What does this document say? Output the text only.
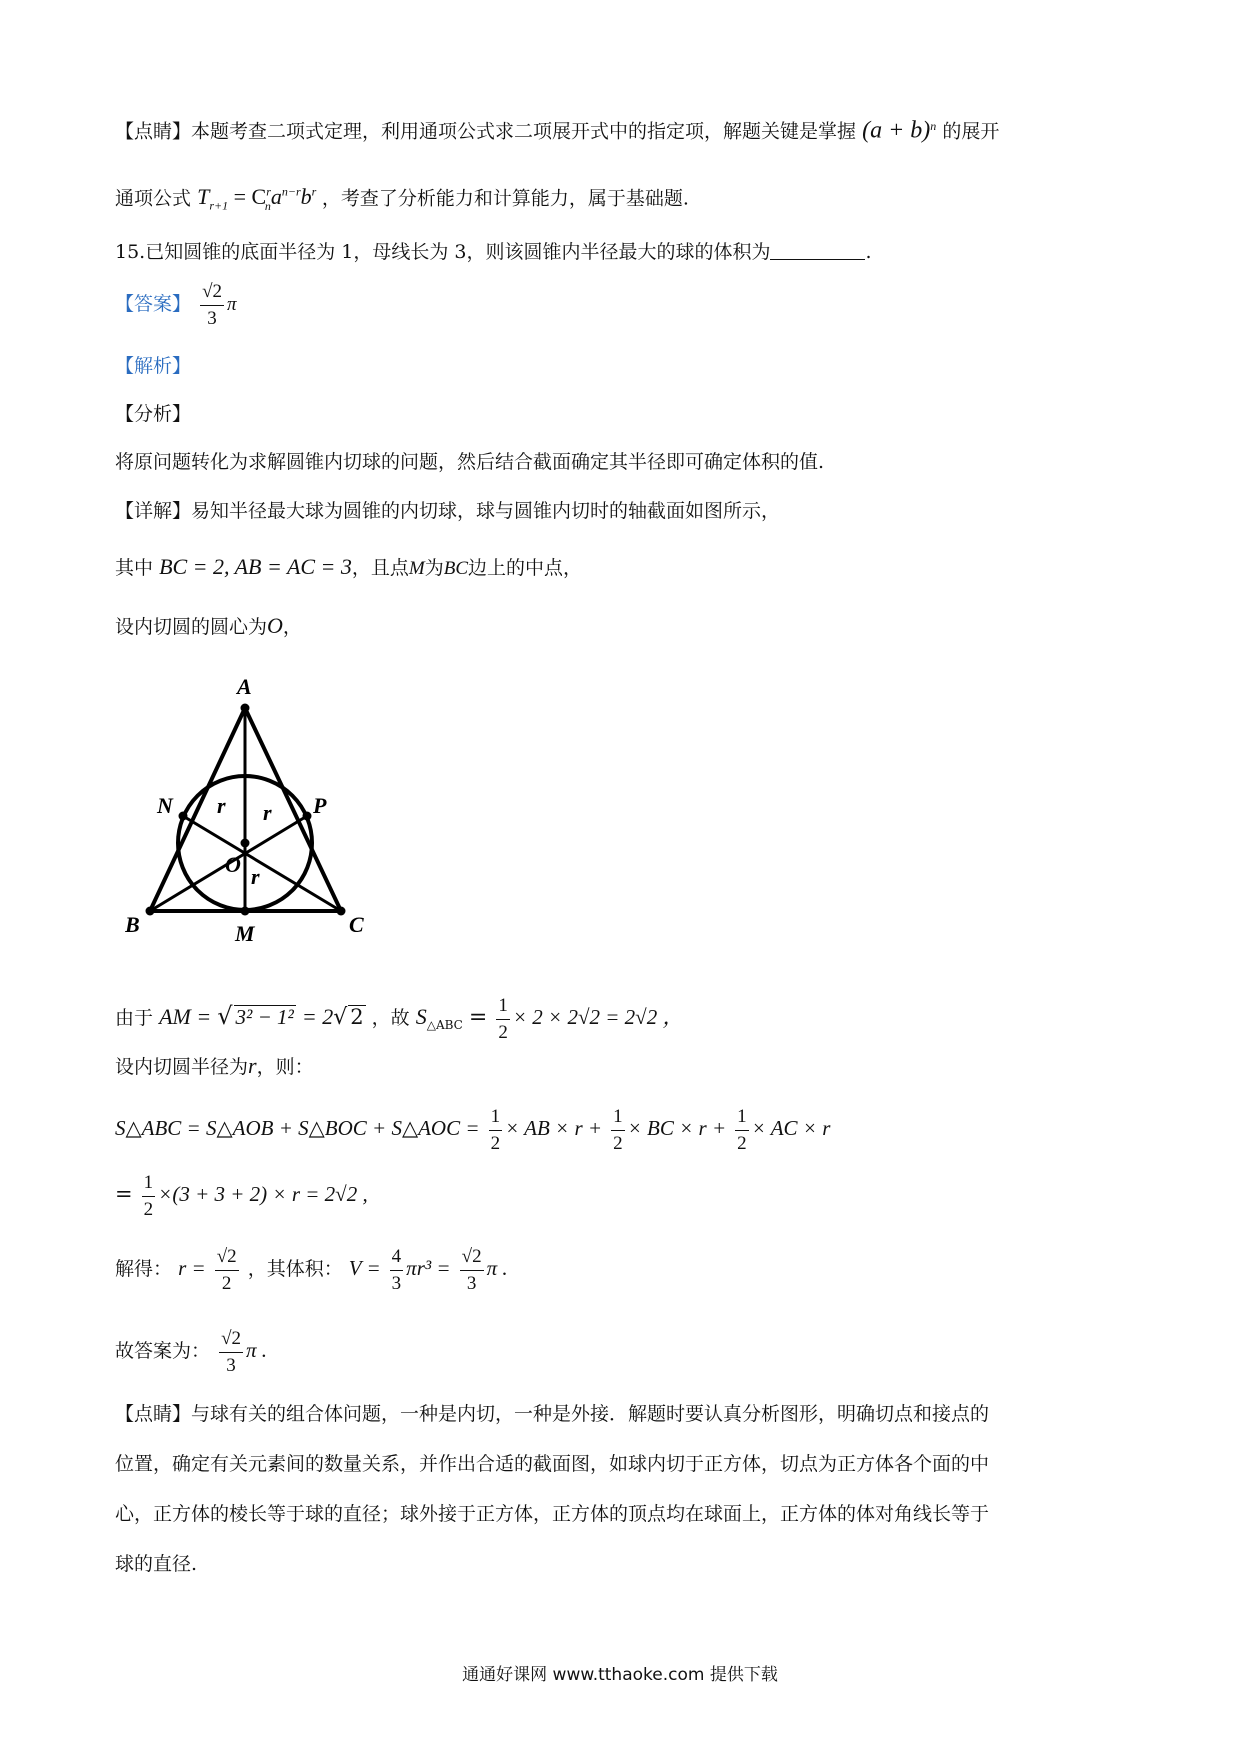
【点睛】本题考查二项式定理，利用通项公式求二项展开式中的指定项，解题关键是掌握 $(a + b)^n$ 的展开
通项公式 $T_{r+1} = C^r_na^{n-r}b^r$ ，考查了分析能力和计算能力，属于基础题.
15.已知圆锥的底面半径为 1，母线长为 3，则该圆锥内半径最大的球的体积为	.
【答案】 $\frac{√2}{3}$ π
【解析】
【分析】
将原问题转化为求解圆锥内切球的问题，然后结合截面确定其半径即可确定体积的值.
【详解】易知半径最大球为圆锥的内切球，球与圆锥内切时的轴截面如图所示，
其中 BC = 2, AB = AC = 3，且点M为BC边上的中点，
设内切圆的圆心为O，
A
B	C
M
N	P
O
r r
r
由于 AM = √ 3² − 1² = 2√ 2 ，故 $S_{\triangle ABC} = \frac{1}{2} \times 2 \times 2√2 = 2√2$ ，
设内切圆半径为r，则：
S△ABC = S△AOB + S△BOC + S△AOC = $\frac{1}{2}$ × AB × $r + \frac{1}{2}$ × BC × $r + \frac{1}{2}$ × AC × r
= $\frac{1}{2} \times(3 + 3 + 2) \times r = 2√2$ ,
解得： $r = \frac{√2}{2}$ ，其体积： $V = \frac{4}{3} \pi r^3 = \frac{√2}{3}$ π .
故答案为： $\frac{√2}{3}$ π .
【点睛】与球有关的组合体问题，一种是内切，一种是外接．解题时要认真分析图形，明确切点和接点的
位置，确定有关元素间的数量关系，并作出合适的截面图，如球内切于正方体，切点为正方体各个面的中
心，正方体的棱长等于球的直径；球外接于正方体，正方体的顶点均在球面上，正方体的体对角线长等于
球的直径.
通通好课网 www.tthaoke.com 提供下载
